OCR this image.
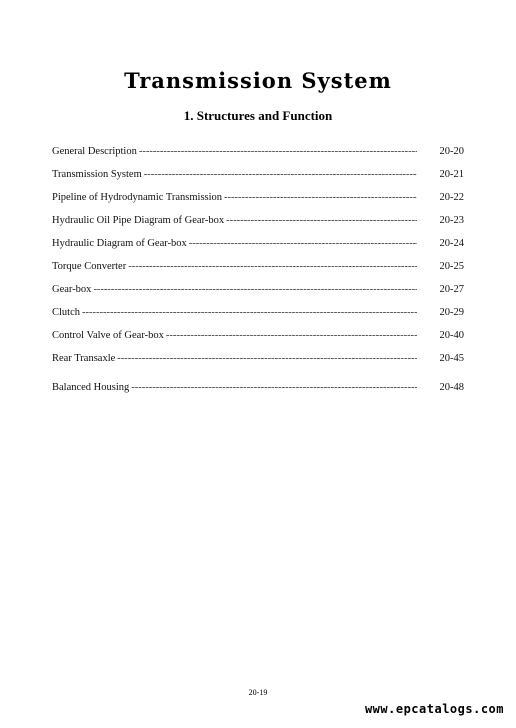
Transmission System
1. Structures and Function
General Description -----	20-20
Transmission System -----	20-21
Pipeline of Hydrodynamic Transmission -----	20-22
Hydraulic Oil Pipe Diagram of Gear-box -----	20-23
Hydraulic Diagram of Gear-box -----	20-24
Torque Converter -----	20-25
Gear-box -----	20-27
Clutch -----	20-29
Control Valve of Gear-box -----	20-40
Rear Transaxle -----	20-45
Balanced Housing -----	20-48
20-19
www.epcatalogs.com
